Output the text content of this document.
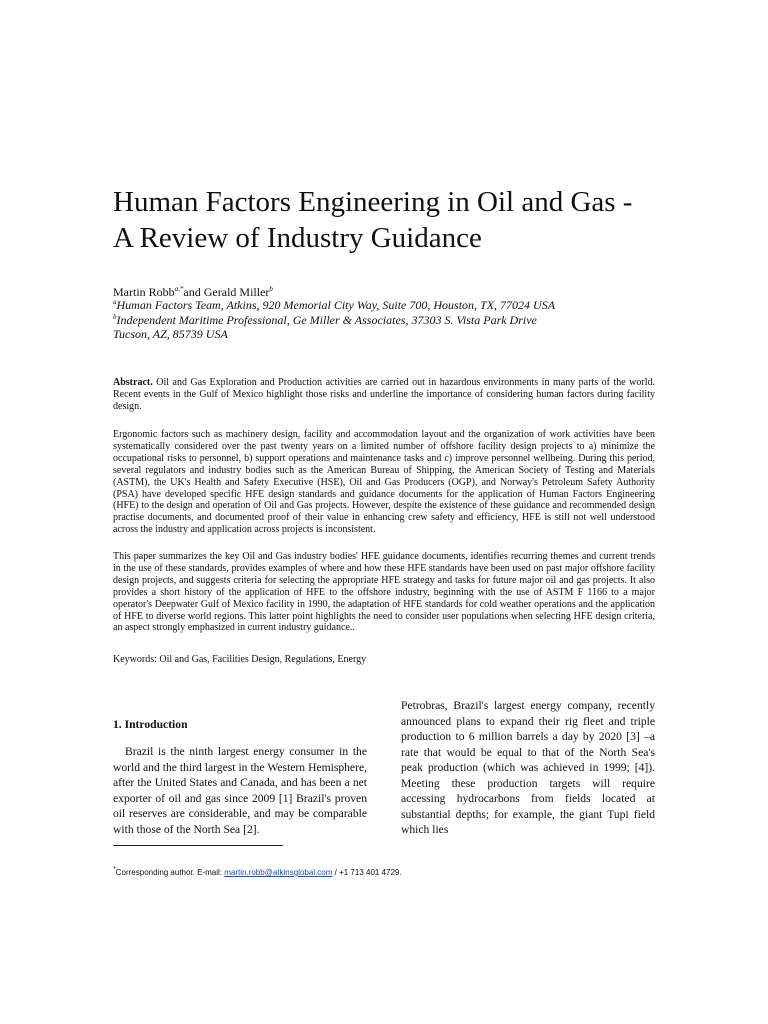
Human Factors Engineering in Oil and Gas -
A Review of Industry Guidance
Martin Robb$^{a,*}$and Gerald Miller$^b$
$^a$Human Factors Team, Atkins, 920 Memorial City Way, Suite 700, Houston, TX, 77024 USA
$^b$Independent Maritime Professional, Ge Miller & Associates, 37303 S. Vista Park Drive
Tucson, AZ, 85739 USA
Abstract. Oil and Gas Exploration and Production activities are carried out in hazardous environments in many parts of the world. Recent events in the Gulf of Mexico highlight those risks and underline the importance of considering human factors during facility design.
Ergonomic factors such as machinery design, facility and accommodation layout and the organization of work activities have been systematically considered over the past twenty years on a limited number of offshore facility design projects to a) minimize the occupational risks to personnel, b) support operations and maintenance tasks and c) improve personnel wellbeing. During this period, several regulators and industry bodies such as the American Bureau of Shipping, the American Society of Testing and Materials (ASTM), the UK's Health and Safety Executive (HSE), Oil and Gas Producers (OGP), and Norway's Petroleum Safety Authority (PSA) have developed specific HFE design standards and guidance documents for the application of Human Factors Engineering (HFE) to the design and operation of Oil and Gas projects. However, despite the existence of these guidance and recommended design practise documents, and documented proof of their value in enhancing crew safety and efficiency, HFE is still not well understood across the industry and application across projects is inconsistent.
This paper summarizes the key Oil and Gas industry bodies' HFE guidance documents, identifies recurring themes and current trends in the use of these standards, provides examples of where and how these HFE standards have been used on past major offshore facility design projects, and suggests criteria for selecting the appropriate HFE strategy and tasks for future major oil and gas projects. It also provides a short history of the application of HFE to the offshore industry, beginning with the use of ASTM F 1166 to a major operator's Deepwater Gulf of Mexico facility in 1990, the adaptation of HFE standards for cold weather operations and the application of HFE to diverse world regions. This latter point highlights the need to consider user populations when selecting HFE design criteria, an aspect strongly emphasized in current industry guidance..
Keywords: Oil and Gas, Facilities Design, Regulations, Energy
1. Introduction

Brazil is the ninth largest energy consumer in the world and the third largest in the Western Hemisphere, after the United States and Canada, and has been a net exporter of oil and gas since 2009 [1] Brazil's proven oil reserves are considerable, and may be comparable with those of the North Sea [2].

Petrobras, Brazil's largest energy company, recently announced plans to expand their rig fleet and triple production to 6 million barrels a day by 2020 [3] –a rate that would be equal to that of the North Sea's peak production (which was achieved in 1999; [4]). Meeting these production targets will require accessing hydrocarbons from fields located at substantial depths; for example, the giant Tupi field which lies

*Corresponding author. E-mail: martin.robb@atkinsglobal.com / +1 713 401 4729.
